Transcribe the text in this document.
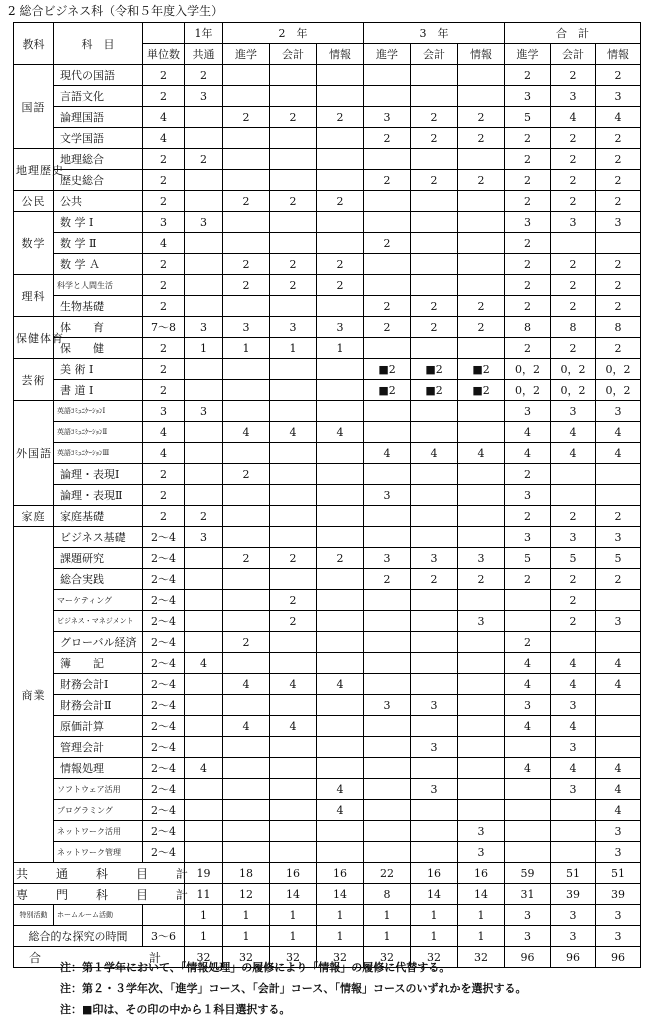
2 総合ビジネス科（令和５年度入学生）
教科	科　目		1年	2　年			3　年			合　計		
		単位数	共通	進学	会計	情報	進学	会計	情報	進学	会計	情報
国語	現代の国語	2	2							2	2	2
	言語文化	2	3							3	3	3
	論理国語	4		2	2	2	3	2	2	5	4	4
	文学国語	4					2	2	2	2	2	2
地理歴史	地理総合	2	2							2	2	2
	歴史総合	2					2	2	2	2	2	2
公民	公共	2		2	2	2				2	2	2
数学	数 学 Ⅰ	3	3							3	3	3
	数 学 Ⅱ	4					2			2		
	数 学 Ａ	2		2	2	2				2	2	2
理科	科学と人間生活	2		2	2	2				2	2	2
	生物基礎	2					2	2	2	2	2	2
保健体育	体　　育	7～8	3	3	3	3	2	2	2	8	8	8
	保　　健	2	1	1	1	1				2	2	2
芸術	美 術 Ⅰ	2					■2	■2	■2	0，2	0，2	0，2
	書 道 Ⅰ	2					■2	■2	■2	0，2	0，2	0，2
外国語	英語ｺﾐｭﾆｹｰｼｮﾝⅠ	3	3							3	3	3
	英語ｺﾐｭﾆｹｰｼｮﾝⅡ	4		4	4	4				4	4	4
	英語ｺﾐｭﾆｹｰｼｮﾝⅢ	4					4	4	4	4	4	4
	論理・表現Ⅰ	2		2						2		
	論理・表現Ⅱ	2					3			3		
家庭	家庭基礎	2	2							2	2	2
商業	ビジネス基礎	2～4	3							3	3	3
	課題研究	2～4		2	2	2	3	3	3	5	5	5
	総合実践	2～4					2	2	2	2	2	2
	マーケティング	2～4			2						2	
	ビジネス・マネジメント	2～4			2				3		2	3
	グローバル経済	2～4		2						2		
	簿　　記	2～4	4							4	4	4
	財務会計Ⅰ	2～4		4	4	4				4	4	4
	財務会計Ⅱ	2～4					3	3		3	3	
	原価計算	2～4		4	4					4	4	
	管理会計	2～4						3			3	
	情報処理	2～4	4							4	4	4
	ソフトウェア活用	2～4				4		3			3	4
	プログラミング	2～4				4						4
	ネットワーク活用	2～4							3			3
	ネットワーク管理	2～4							3			3
共　通　科　目　計			19	18	16	16	22	16	16	59	51	51
専　門　科　目　計			11	12	14	14	8	14	14	31	39	39
特別活動	ホームルーム活動		1	1	1	1	1	1	1	3	3	3
総合的な探究の時間		3～6	1	1	1	1	1	1	1	3	3	3
合　　　　　計			32	32	32	32	32	32	32	96	96	96
注：第１学年において、「情報処理」の履修により「情報」の履修に代替する。
注：第２・３学年次、「進学」コース、「会計」コース、「情報」コースのいずれかを選択する。
注：■印は、その印の中から１科目選択する。
